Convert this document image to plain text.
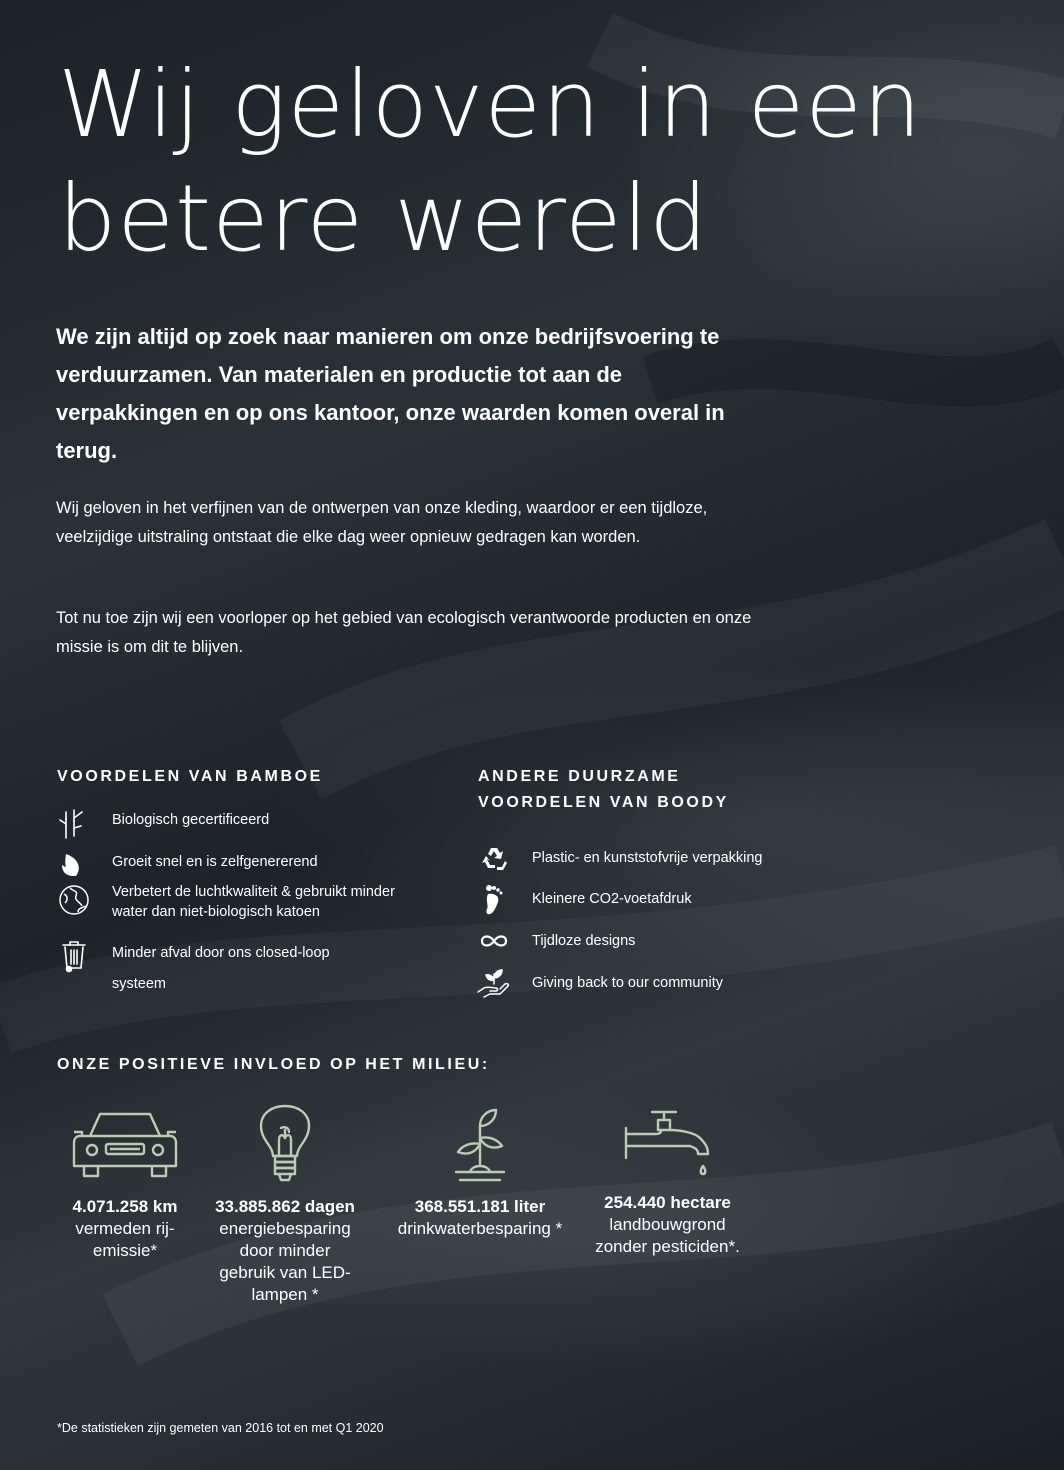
Wij geloven in een
betere wereld

We zijn altijd op zoek naar manieren om onze bedrijfsvoering te verduurzamen. Van materialen en productie tot aan de verpakkingen en op ons kantoor, onze waarden komen overal in terug.

Wij geloven in het verfijnen van de ontwerpen van onze kleding, waardoor er een tijdloze, veelzijdige uitstraling ontstaat die elke dag weer opnieuw gedragen kan worden.

Tot nu toe zijn wij een voorloper op het gebied van ecologisch verantwoorde producten en onze missie is om dit te blijven.

VOORDELEN VAN BAMBOE
Biologisch gecertificeerd
Groeit snel en is zelfgenererend
Verbetert de luchtkwaliteit & gebruikt minder water dan niet-biologisch katoen
Minder afval door ons closed-loop systeem
ANDERE DUURZAME
VOORDELEN VAN BOODY
Plastic- en kunststofvrije verpakking
Kleinere CO2-voetafdruk
Tijdloze designs
Giving back to our community
ONZE POSITIEVE INVLOED OP HET MILIEU:
4.071.258 km
vermeden rij-emissie*
33.885.862 dagen
energiebesparing door minder gebruik van LED-lampen *
368.551.181 liter
drinkwaterbesparing *
254.440 hectare
landbouwgrond zonder pesticiden*.
*De statistieken zijn gemeten van 2016 tot en met Q1 2020
